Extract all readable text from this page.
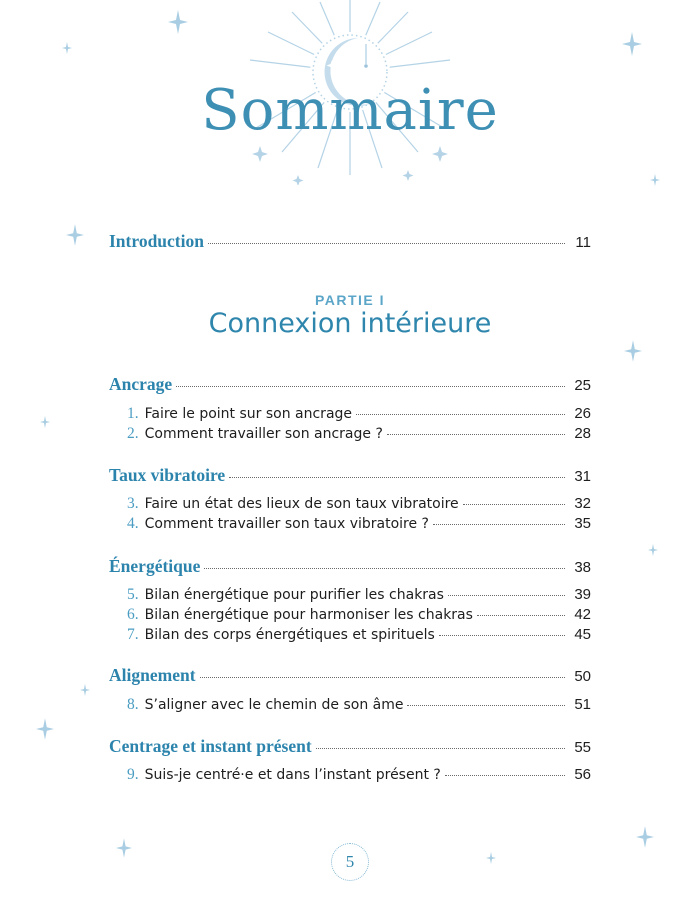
Sommaire
Introduction	11
PARTIE I
Connexion intérieure
Ancrage	25
1. Faire le point sur son ancrage	26
2. Comment travailler son ancrage ?	28
Taux vibratoire	31
3. Faire un état des lieux de son taux vibratoire	32
4. Comment travailler son taux vibratoire ?	35
Énergétique	38
5. Bilan énergétique pour purifier les chakras	39
6. Bilan énergétique pour harmoniser les chakras	42
7. Bilan des corps énergétiques et spirituels	45
Alignement	50
8. S’aligner avec le chemin de son âme	51
Centrage et instant présent	55
9. Suis-je centré·e et dans l’instant présent ?	56
5
